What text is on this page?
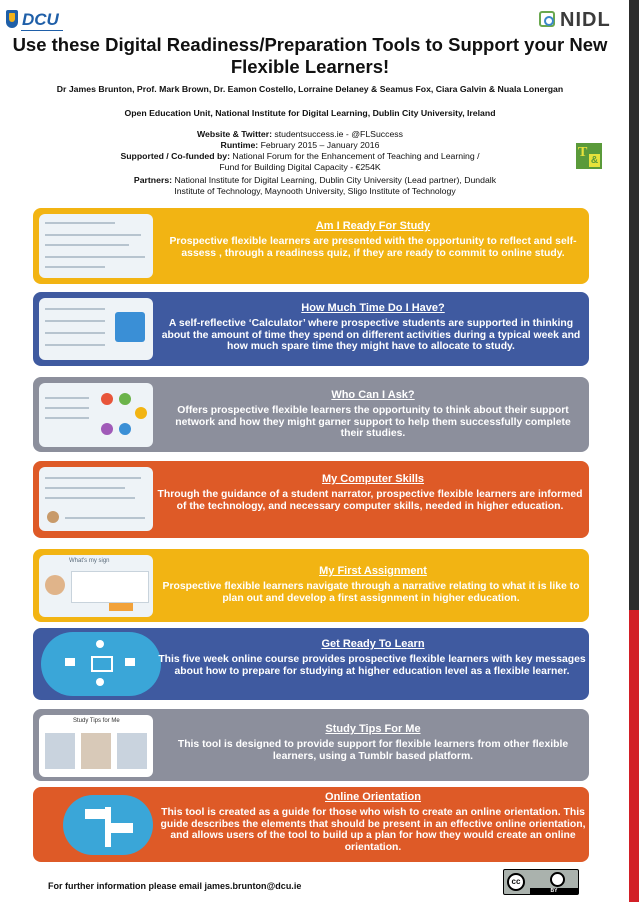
DCU	NIDL
Use these Digital Readiness/Preparation Tools to Support your New Flexible Learners!
Dr James Brunton, Prof. Mark Brown, Dr. Eamon Costello, Lorraine Delaney & Seamus Fox, Ciara Galvin & Nuala Lonergan
Open Education Unit, National Institute for Digital Learning, Dublin City University, Ireland
Website & Twitter: studentsuccess.ie - @FLSuccess
Runtime: February 2015 – January 2016
Supported / Co-funded by: National Forum for the Enhancement of Teaching and Learning / Fund for Building Digital Capacity - €254K
Partners: National Institute for Digital Learning, Dublin City University (Lead partner), Dundalk Institute of Technology, Maynooth University, Sligo Institute of Technology
T
&
Am I Ready For Study

Prospective flexible learners are presented with the opportunity to reflect and self-assess , through a readiness quiz, if they are ready to commit to online study.

How Much Time Do I Have?

A self-reflective ‘Calculator’ where prospective students are supported in thinking about the amount of time they spend on different activities during a typical week and how much spare time they might have to allocate to study.

Who Can I Ask?

Offers prospective flexible learners the opportunity to think about their support network and how they might garner support to help them successfully complete their studies.

My Computer Skills

Through the guidance of a student narrator, prospective flexible learners are informed of the technology, and necessary computer skills, needed in higher education.

What's my sign
My First Assignment

Prospective flexible learners navigate through a narrative relating to what it is like to plan out and develop a first assignment in higher education.

Get Ready To Learn

This five week online course provides prospective flexible learners with key messages about how to prepare for studying at higher education level as a flexible learner.

Study Tips for Me
Study Tips For Me

This tool is designed to provide support for flexible learners from other flexible learners, using a Tumblr based platform.

Online Orientation

This tool is created as a guide for those who wish to create an online orientation. This guide describes the elements that should be present in an effective online orientation, and allows users of the tool to build up a plan for how they would create an online orientation.

For further information please email james.brunton@dcu.ie	cc
BY
